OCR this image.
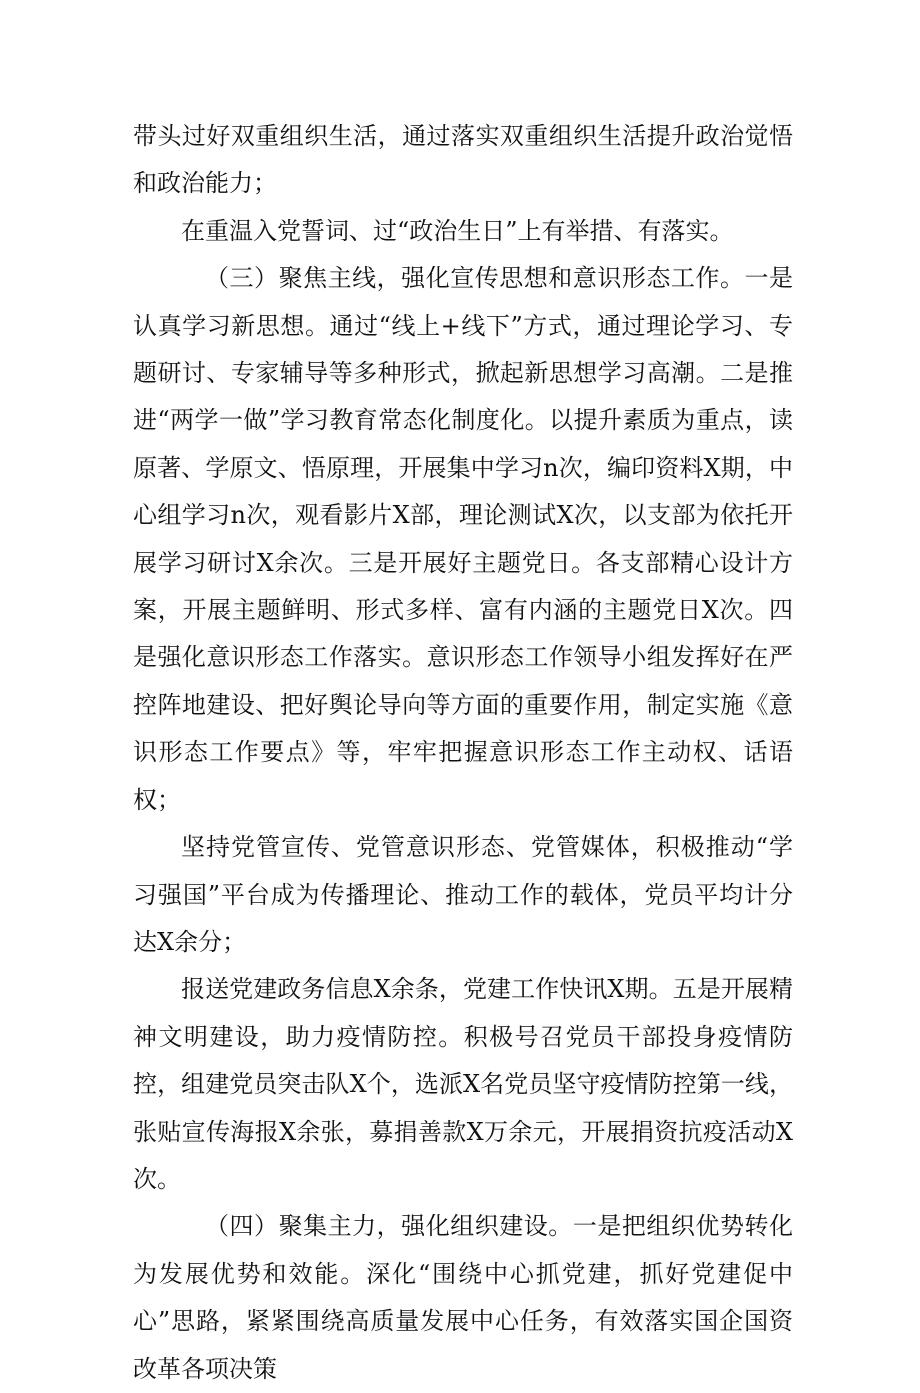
带头过好双重组织生活，通过落实双重组织生活提升政治觉悟和政治能力；

在重温入党誓词、过“政治生日”上有举措、有落实。

（三）聚焦主线，强化宣传思想和意识形态工作。一是认真学习新思想。通过“线上+线下”方式，通过理论学习、专题研讨、专家辅导等多种形式，掀起新思想学习高潮。二是推进“两学一做”学习教育常态化制度化。以提升素质为重点，读原著、学原文、悟原理，开展集中学习n次，编印资料X期，中心组学习n次，观看影片X部，理论测试X次，以支部为依托开展学习研讨X余次。三是开展好主题党日。各支部精心设计方案，开展主题鲜明、形式多样、富有内涵的主题党日X次。四是强化意识形态工作落实。意识形态工作领导小组发挥好在严控阵地建设、把好舆论导向等方面的重要作用，制定实施《意识形态工作要点》等，牢牢把握意识形态工作主动权、话语权；

坚持党管宣传、党管意识形态、党管媒体，积极推动“学习强国”平台成为传播理论、推动工作的载体，党员平均计分达X余分；

报送党建政务信息X余条，党建工作快讯X期。五是开展精神文明建设，助力疫情防控。积极号召党员干部投身疫情防控，组建党员突击队X个，选派X名党员坚守疫情防控第一线，张贴宣传海报X余张，募捐善款X万余元，开展捐资抗疫活动X次。

（四）聚集主力，强化组织建设。一是把组织优势转化为发展优势和效能。深化“围绕中心抓党建，抓好党建促中心”思路，紧紧围绕高质量发展中心任务，有效落实国企国资改革各项决策
